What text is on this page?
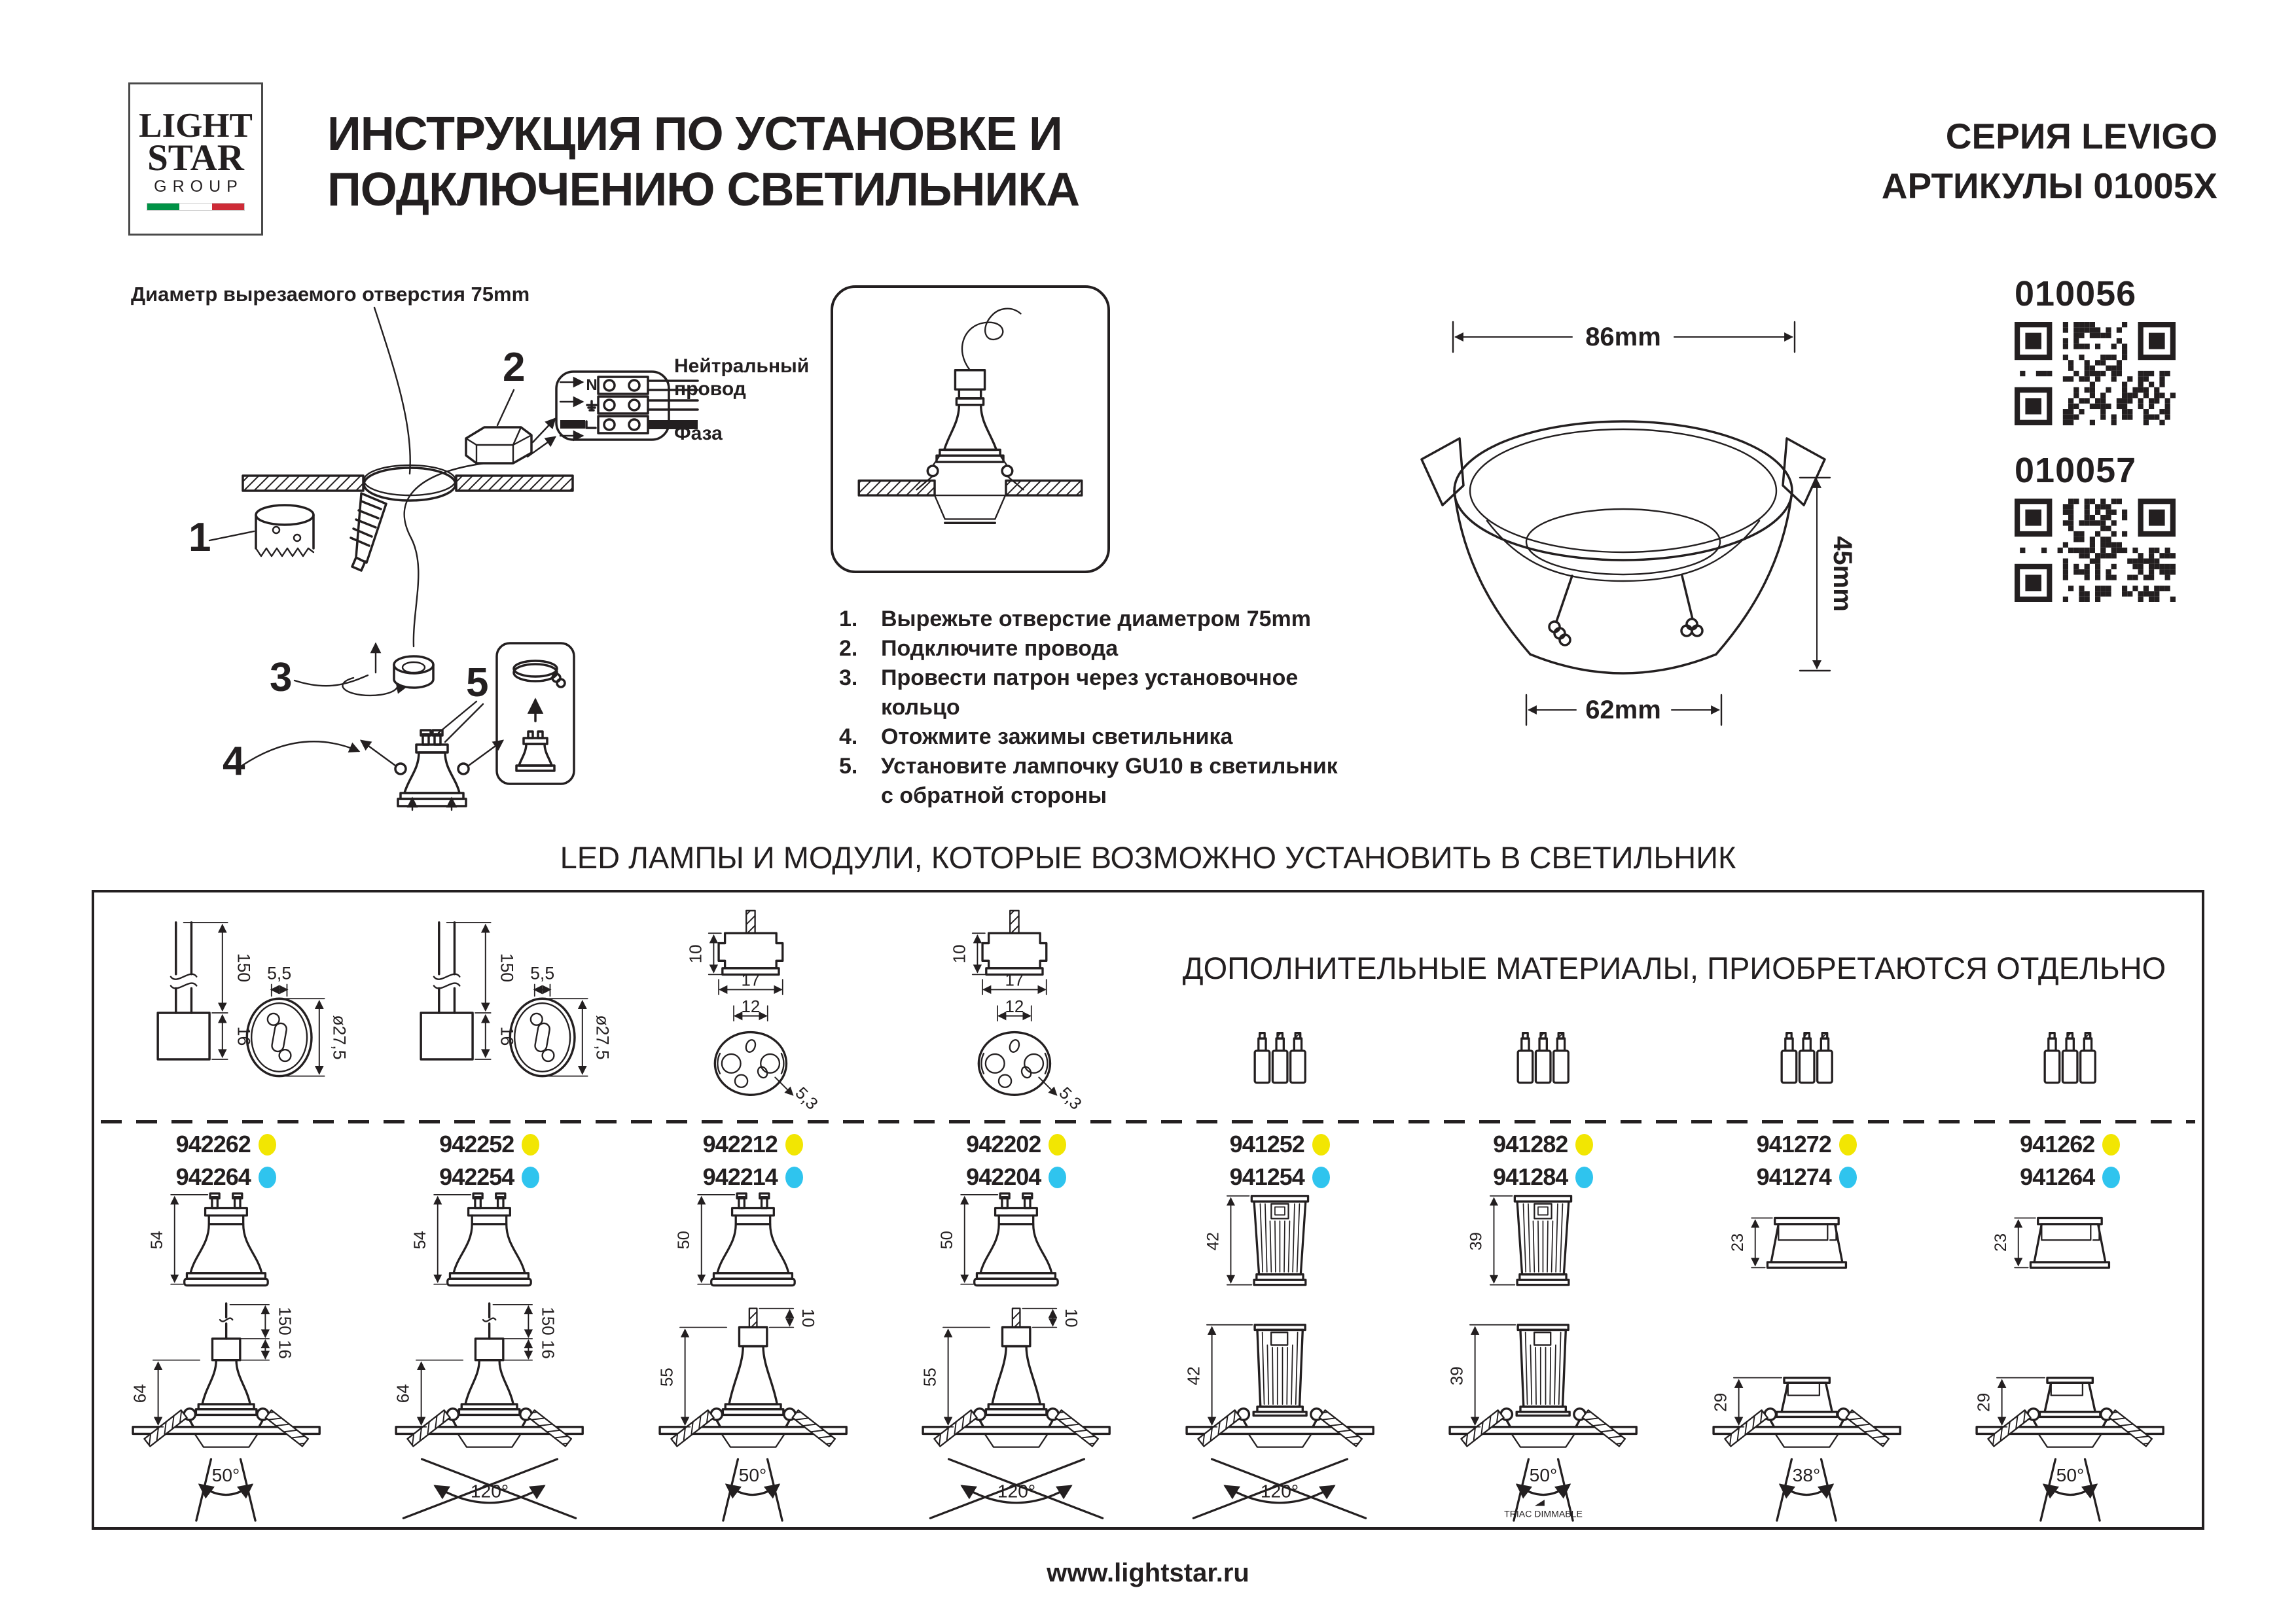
LIGHT
STAR
GROUP
ИНСТРУКЦИЯ ПО УСТАНОВКЕ И
ПОДКЛЮЧЕНИЮ СВЕТИЛЬНИКА
СЕРИЯ LEVIGO
АРТИКУЛЫ 01005X
Диаметр вырезаемого отверстия 75mm
2	N
1
3	5
4
Нейтральный провод
Фаза
1.	Вырежьте отверстие диаметром 75mm
2.	Подключите провода
3.	Провести патрон через установочное кольцо
4.	Отожмите зажимы светильника
5.	Установите лампочку GU10 в светильник
с обратной стороны
86mm
45mm
62mm
010056
010057
LED ЛАМПЫ И МОДУЛИ, КОТОРЫЕ ВОЗМОЖНО УСТАНОВИТЬ В СВЕТИЛЬНИК
ДОПОЛНИТЕЛЬНЫЕ МАТЕРИАЛЫ, ПРИОБРЕТАЮТСЯ ОТДЕЛЬНО
150
16
5,5
ø27,5
942262
942264
54
150
16
64
50°
150
16
5,5
ø27,5
942252
942254
54
150
16
64
120°
10
17
12
5,3
942212
942214
50
10
55
50°
10
17
12
5,3
942202
942204
50
10
55
120°
941252
941254
42
42
120°
941282
941284
39
39
50°
TRIAC DIMMABLE
941272
941274
23
29
38°
941262
941264
23
29
50°
www.lightstar.ru
